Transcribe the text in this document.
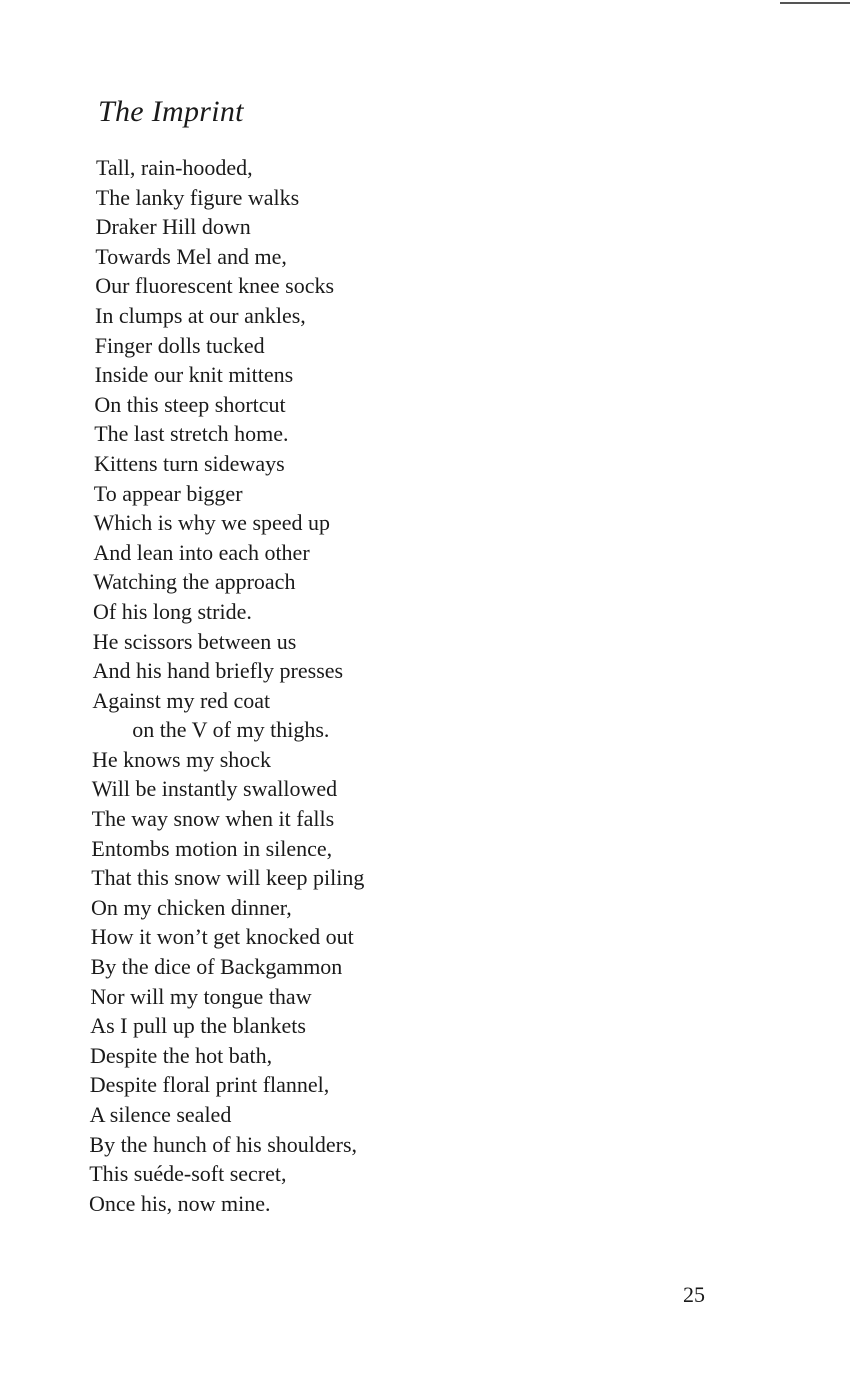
The Imprint
Tall, rain-hooded,
The lanky figure walks
Draker Hill down
Towards Mel and me,
Our fluorescent knee socks
In clumps at our ankles,
Finger dolls tucked
Inside our knit mittens
On this steep shortcut
The last stretch home.
Kittens turn sideways
To appear bigger
Which is why we speed up
And lean into each other
Watching the approach
Of his long stride.
He scissors between us
And his hand briefly presses
Against my red coat
on the V of my thighs.
He knows my shock
Will be instantly swallowed
The way snow when it falls
Entombs motion in silence,
That this snow will keep piling
On my chicken dinner,
How it won’t get knocked out
By the dice of Backgammon
Nor will my tongue thaw
As I pull up the blankets
Despite the hot bath,
Despite floral print flannel,
A silence sealed
By the hunch of his shoulders,
This suéde-soft secret,
Once his, now mine.
25
